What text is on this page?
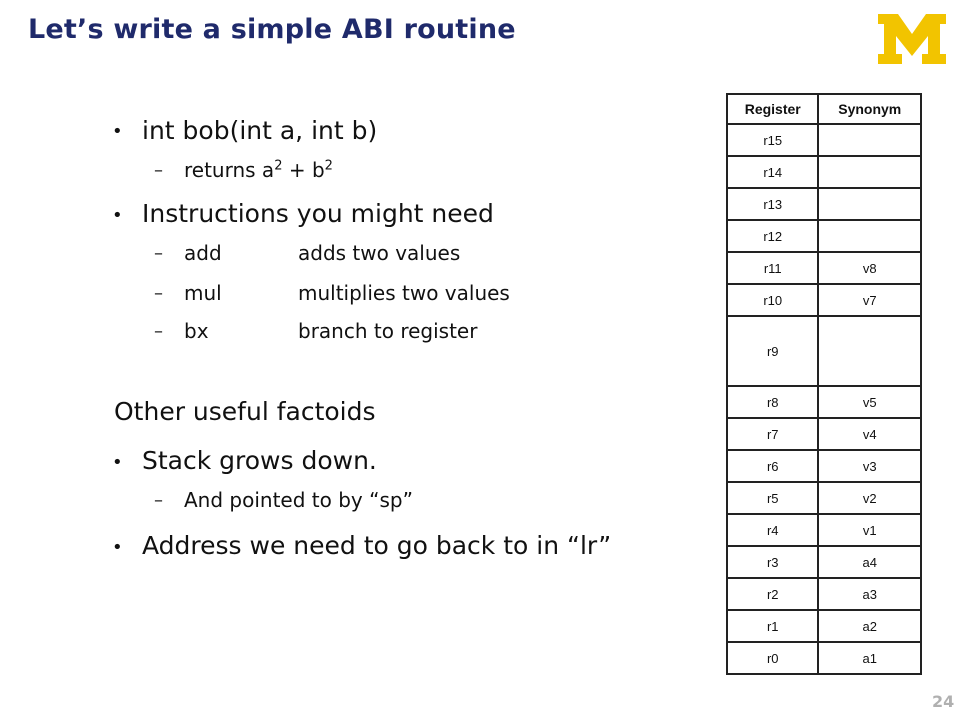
Let’s write a simple ABI routine
• int bob(int a, int b)
– returns $a^2 + b^2$
• Instructions you might need
– add	adds two values
– mul	multiplies two values
– bx	branch to register
Other useful factoids
• Stack grows down.
– And pointed to by “sp”
• Address we need to go back to in “lr”
Register	Synonym
r15	
r14	
r13	
r12	
r11	v8
r10	v7
r9	
r8	v5
r7	v4
r6	v3
r5	v2
r4	v1
r3	a4
r2	a3
r1	a2
r0	a1
24
